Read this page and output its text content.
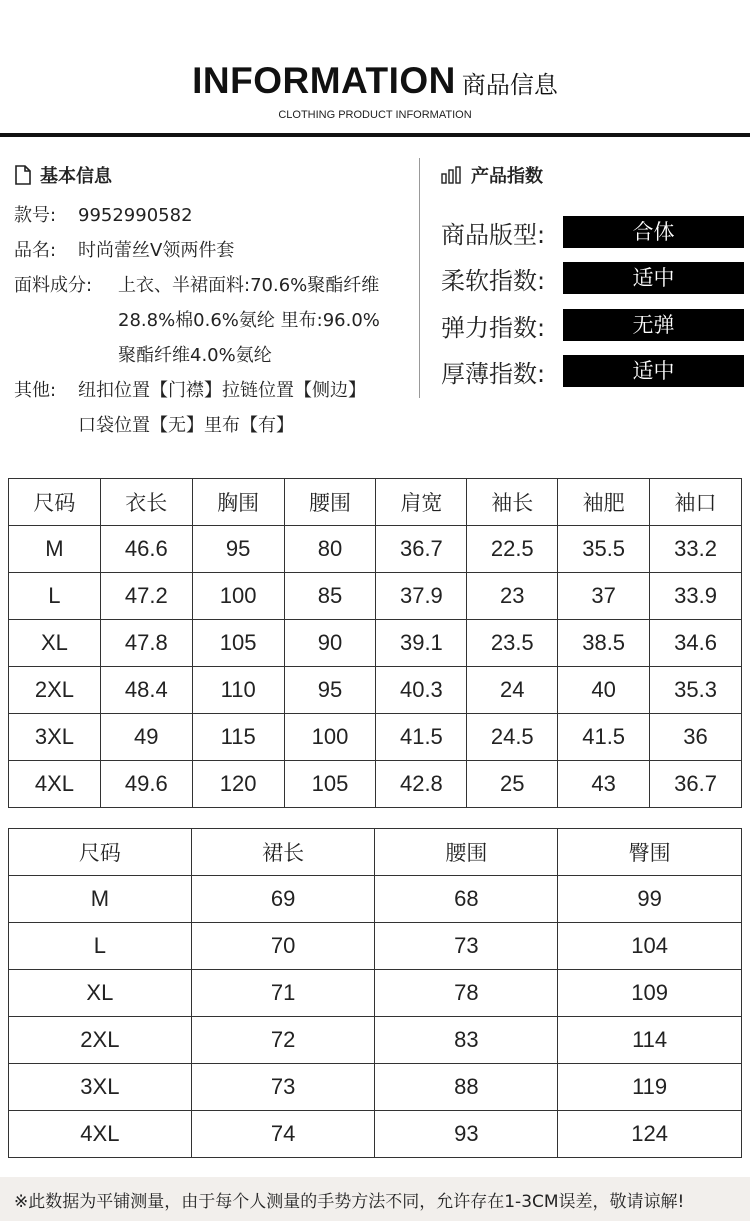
INFORMATION 商品信息
CLOTHING PRODUCT INFORMATION
基本信息
款号: 9952990582
品名: 时尚蕾丝V领两件套
面料成分: 上衣、半裙面料:70.6%聚酯纤维
28.8%棉0.6%氨纶 里布:96.0%
聚酯纤维4.0%氨纶
其他: 纽扣位置【门襟】拉链位置【侧边】
口袋位置【无】里布【有】
产品指数
商品版型:	合体
柔软指数:	适中
弹力指数:	无弹
厚薄指数:	适中
尺码	衣长	胸围	腰围	肩宽	袖长	袖肥	袖口
M	46.6	95	80	36.7	22.5	35.5	33.2
L	47.2	100	85	37.9	23	37	33.9
XL	47.8	105	90	39.1	23.5	38.5	34.6
2XL	48.4	110	95	40.3	24	40	35.3
3XL	49	115	100	41.5	24.5	41.5	36
4XL	49.6	120	105	42.8	25	43	36.7
尺码	裙长	腰围	臀围
M	69	68	99
L	70	73	104
XL	71	78	109
2XL	72	83	114
3XL	73	88	119
4XL	74	93	124
※此数据为平铺测量，由于每个人测量的手势方法不同，允许存在1-3CM误差，敬请谅解!
